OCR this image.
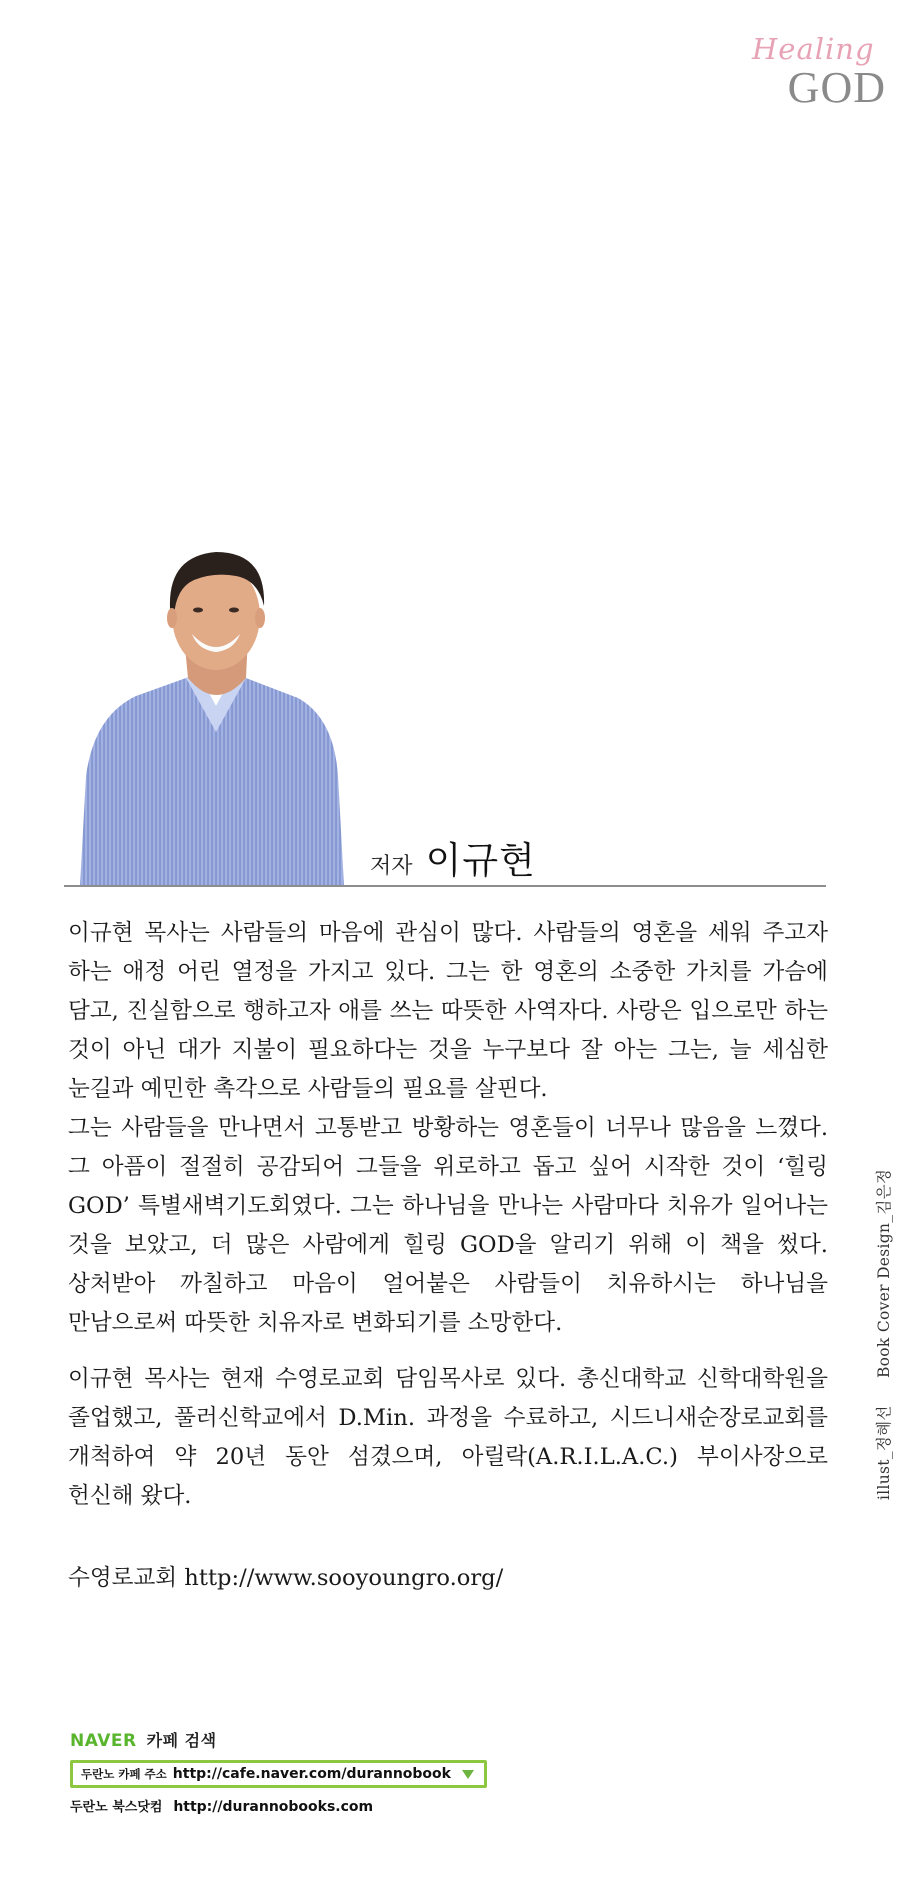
Healing
GOD
저자 이규현

이규현 목사는 사람들의 마음에 관심이 많다. 사람들의 영혼을 세워 주고자 하는 애정 어린 열정을 가지고 있다. 그는 한 영혼의 소중한 가치를 가슴에 담고, 진실함으로 행하고자 애를 쓰는 따뜻한 사역자다. 사랑은 입으로만 하는 것이 아닌 대가 지불이 필요하다는 것을 누구보다 잘 아는 그는, 늘 세심한 눈길과 예민한 촉각으로 사람들의 필요를 살핀다.

그는 사람들을 만나면서 고통받고 방황하는 영혼들이 너무나 많음을 느꼈다. 그 아픔이 절절히 공감되어 그들을 위로하고 돕고 싶어 시작한 것이 ‘힐링 GOD’ 특별새벽기도회였다. 그는 하나님을 만나는 사람마다 치유가 일어나는 것을 보았고, 더 많은 사람에게 힐링 GOD을 알리기 위해 이 책을 썼다. 상처받아 까칠하고 마음이 얼어붙은 사람들이 치유하시는 하나님을 만남으로써 따뜻한 치유자로 변화되기를 소망한다.

이규현 목사는 현재 수영로교회 담임목사로 있다. 총신대학교 신학대학원을 졸업했고, 풀러신학교에서 D.Min. 과정을 수료하고, 시드니새순장로교회를 개척하여 약 20년 동안 섬겼으며, 아릴락(A.R.I.L.A.C.) 부이사장으로 헌신해 왔다.

수영로교회 http://www.sooyoungro.org/

illust_정혜선 Book Cover Design_김은정
NAVER 카페 검색
두란노 카페 주소 http://cafe.naver.com/durannobook
두란노 북스닷컴 http://durannobooks.com
